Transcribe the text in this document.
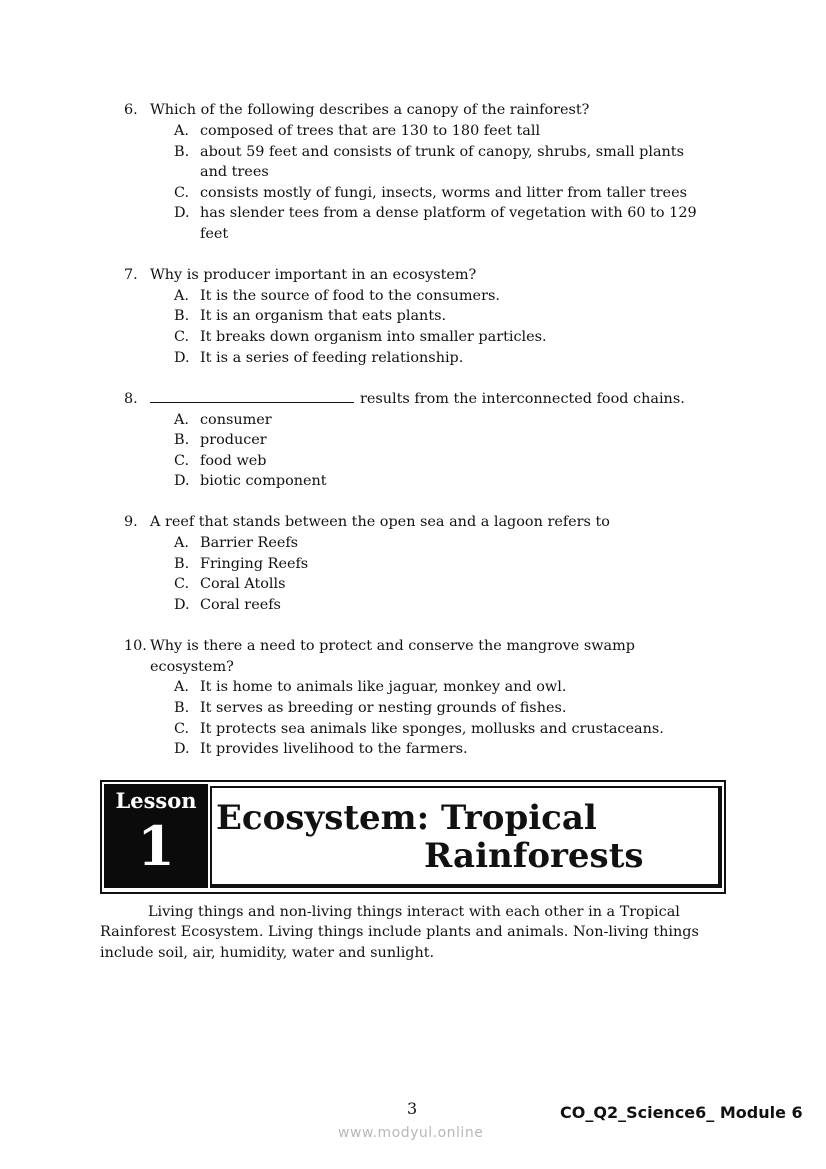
6. Which of the following describes a canopy of the rainforest?
A. composed of trees that are 130 to 180 feet tall
B. about 59 feet and consists of trunk of canopy, shrubs, small plants
and trees
C. consists mostly of fungi, insects, worms and litter from taller trees
D. has slender tees from a dense platform of vegetation with 60 to 129
feet
7. Why is producer important in an ecosystem?
A. It is the source of food to the consumers.
B. It is an organism that eats plants.
C. It breaks down organism into smaller particles.
D. It is a series of feeding relationship.
8.	results from the interconnected food chains.
A. consumer
B. producer
C. food web
D. biotic component
9. A reef that stands between the open sea and a lagoon refers to
A. Barrier Reefs
B. Fringing Reefs
C. Coral Atolls
D. Coral reefs
10. Why is there a need to protect and conserve the mangrove swamp
ecosystem?
A. It is home to animals like jaguar, monkey and owl.
B. It serves as breeding or nesting grounds of fishes.
C. It protects sea animals like sponges, mollusks and crustaceans.
D. It provides livelihood to the farmers.
Lesson
1	Ecosystem: Tropical
Rainforests
Living things and non-living things interact with each other in a Tropical
Rainforest Ecosystem. Living things include plants and animals. Non-living things
include soil, air, humidity, water and sunlight.
3	CO_Q2_Science6_ Module 6
www.modyul.online
